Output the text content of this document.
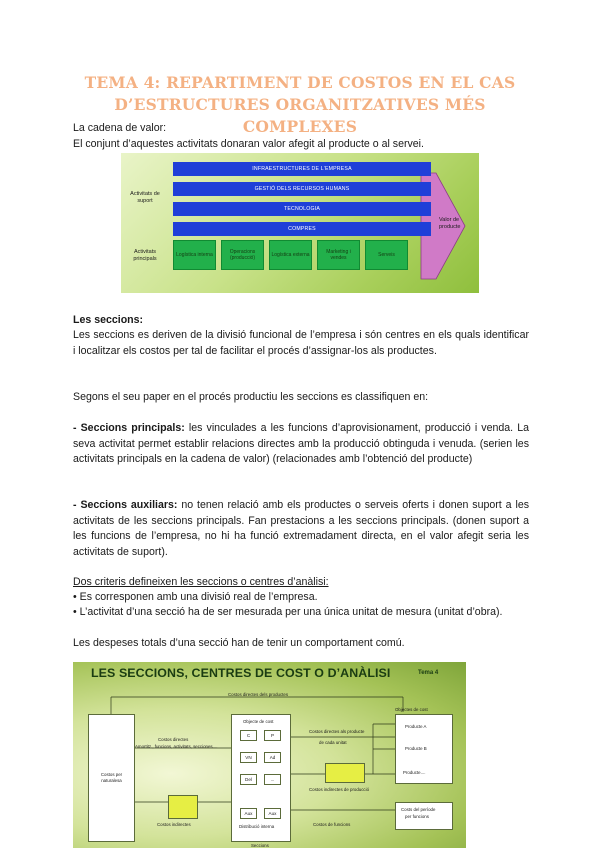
TEMA 4: REPARTIMENT DE COSTOS EN EL CAS
D’ESTRUCTURES ORGANITZATIVES MÉS COMPLEXES
La cadena de valor:
El conjunt d’aquestes activitats donaran valor afegit al producte o al servei.
Activitats de suport
Activitats principals
INFRAESTRUCTURES DE L’EMPRESA
GESTIÓ DELS RECURSOS HUMANS
TECNOLOGIA
COMPRES
Logística interna
Operacions (producció)
Logística externa
Marketing i vendes
Serveis
Valor de producte
Les seccions:
Les seccions es deriven de la divisió funcional de l’empresa i són centres en els quals identificar i localitzar els costos per tal de facilitar el procés d’assignar-los als productes.
Segons el seu paper en el procés productiu les seccions es classifiquen en:
- Seccions principals: les vinculades a les funcions d’aprovisionament, producció i venda. La seva activitat permet establir relacions directes amb la producció obtinguda i venuda. (serien les activitats principals en la cadena de valor) (relacionades amb l’obtenció del producte)
- Seccions auxiliars: no tenen relació amb els productes o serveis oferts i donen suport a les activitats de les seccions principals. Fan prestacions a les seccions principals. (donen suport a les funcions de l’empresa, no hi ha funció extremadament directa, en el valor afegit seria les activitats de suport).
Dos criteris defineixen les seccions o centres d’anàlisi:
• Es corresponen amb una divisió real de l’empresa.
• L’activitat d’una secció ha de ser mesurada per una única unitat de mesura (unitat d’obra).
Les despeses totals d’una secció han de tenir un comportament comú.
LES SECCIONS, CENTRES DE COST O D’ANÀLISI	Tema 4
Costos directes dels productes
Costos per naturalesa
Costos directes
Amortitz., funcions, activitats, secciones....
Costos indirectes
Objecte de cost
C	P
VN	Ad
Del	...
Aux	Aux
Distribució interna
Seccions
Costos directes als producte
de cada unitat
Costos indirectes de producció
Costos de funcions
Objectes de cost
Producte A
Producte B
Producte....
Costs del període
per funcions
